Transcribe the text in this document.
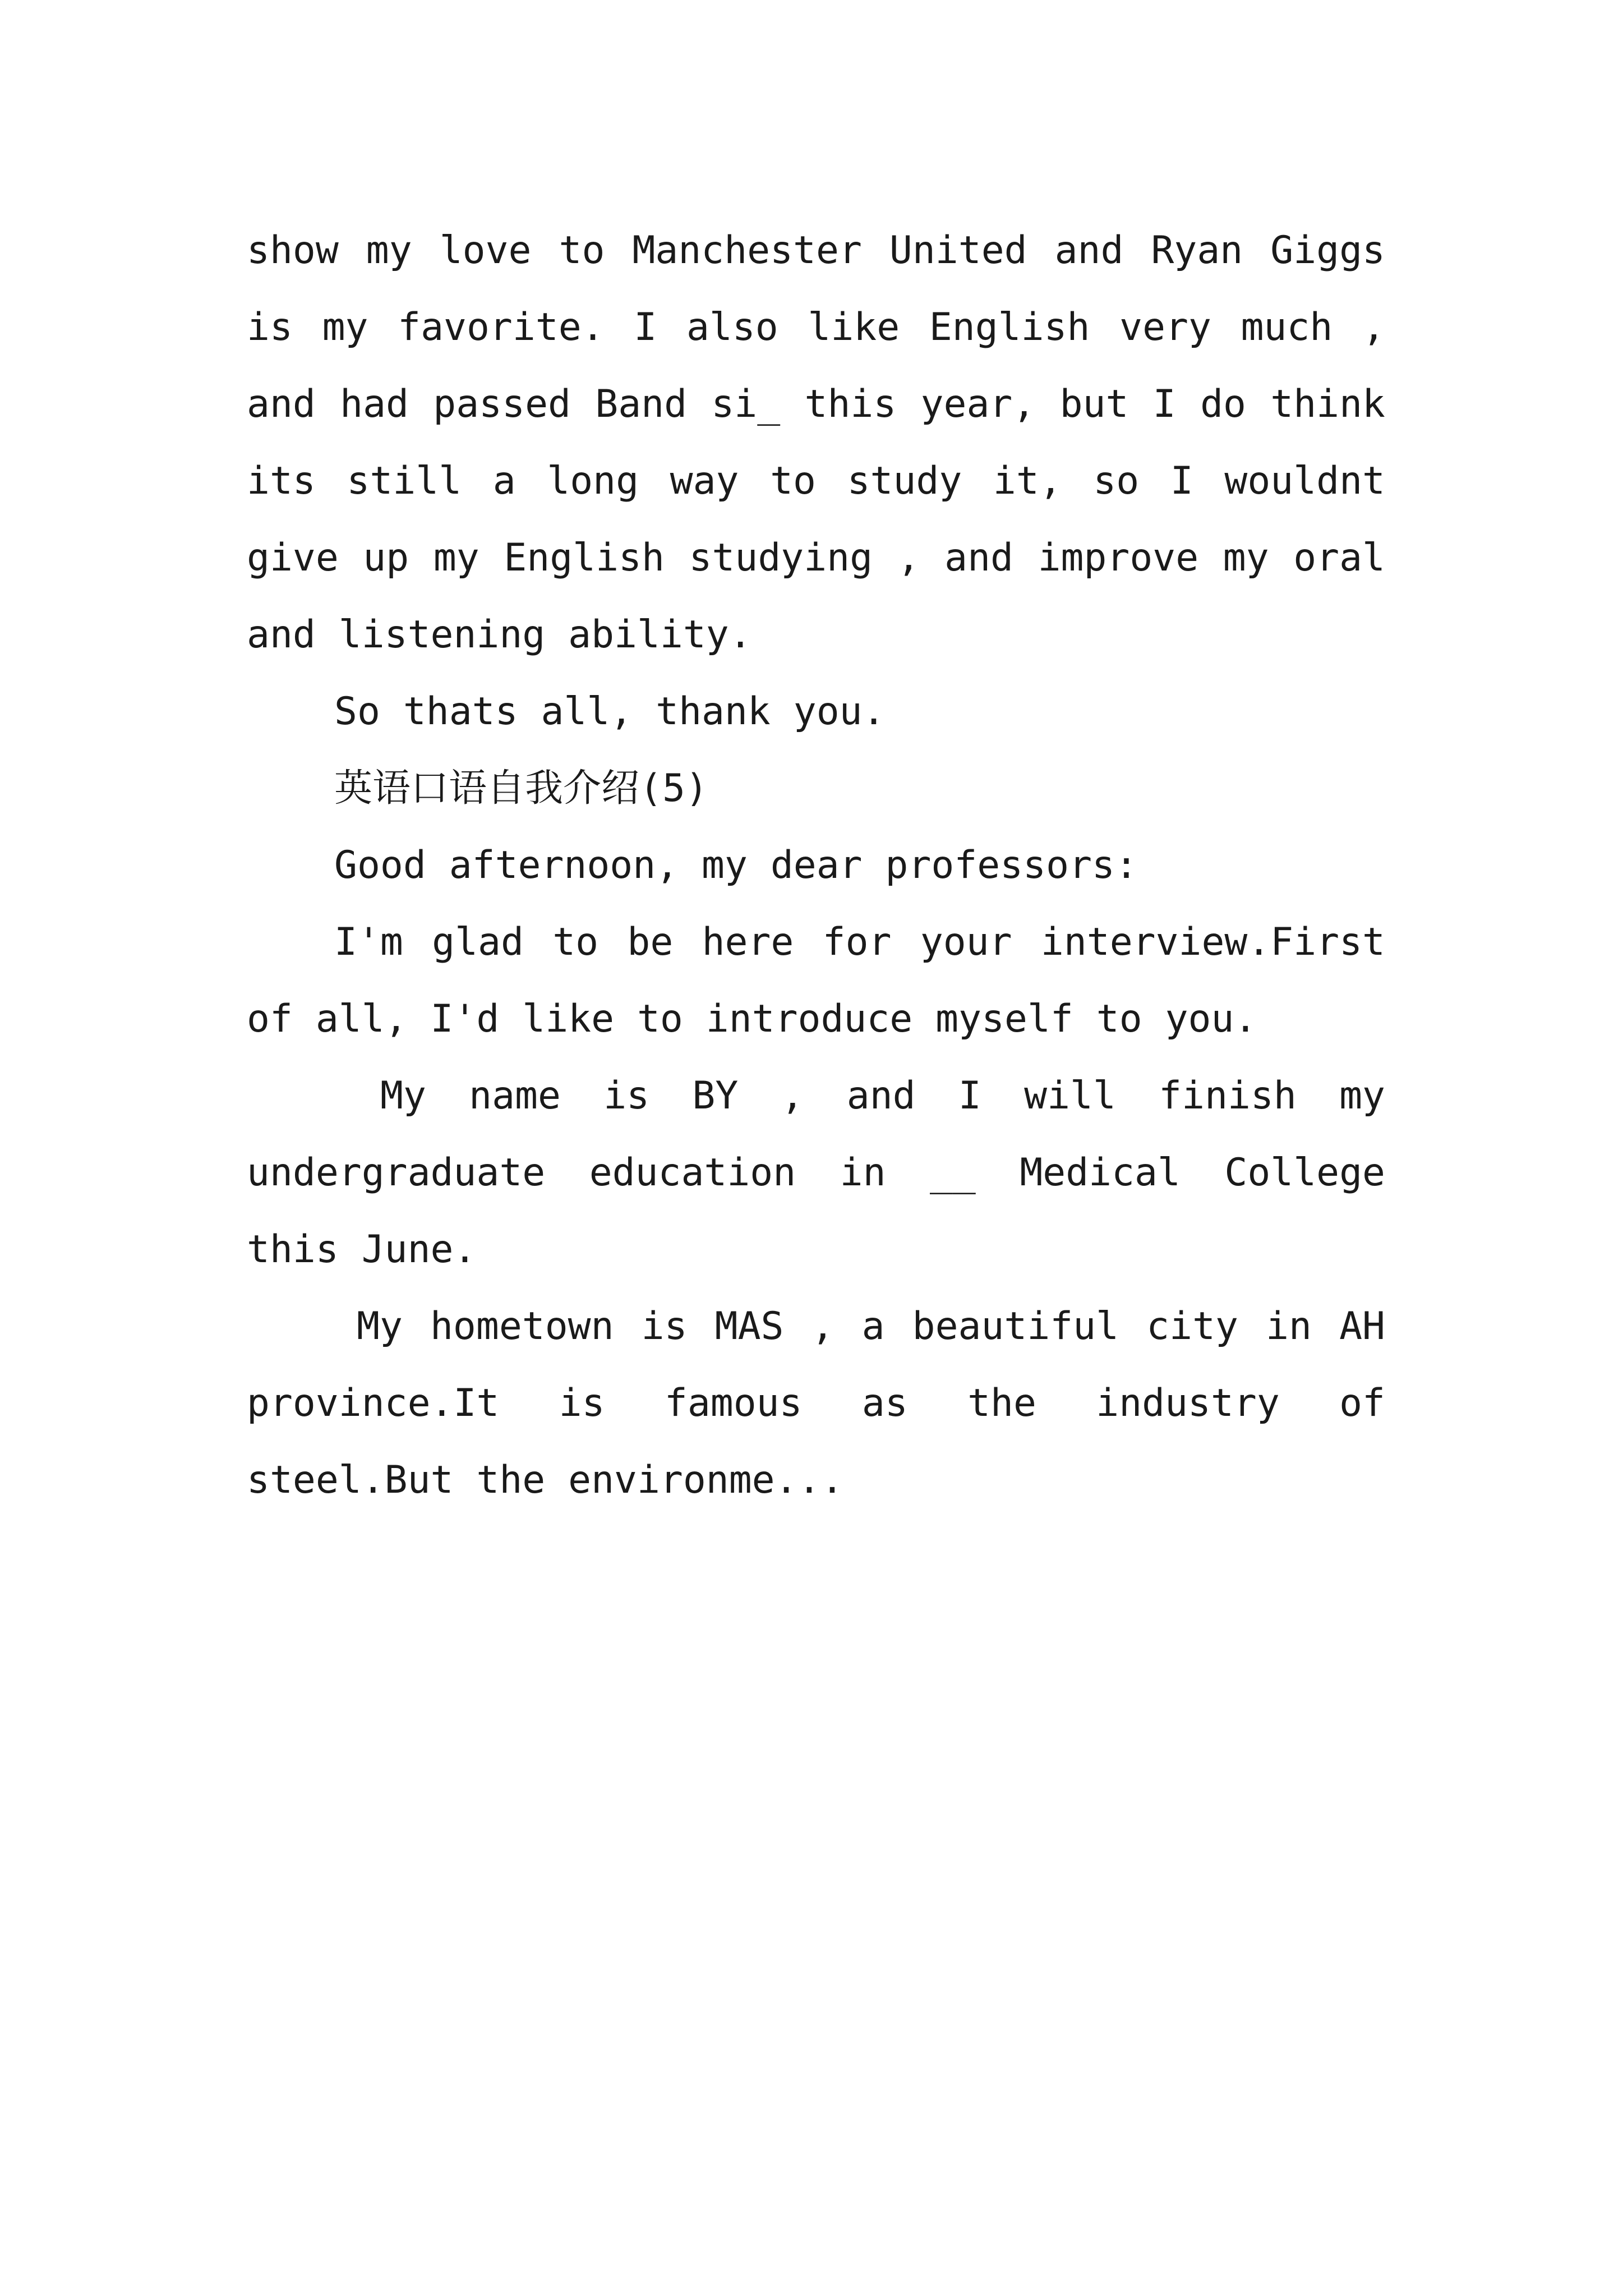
show my love to Manchester United and Ryan Giggs is my favorite. I also like English very much , and had passed Band si_ this year, but I do think its still a long way to study it, so I wouldnt give up my English studying , and improve my oral and listening ability.

So thats all, thank you.

英语口语自我介绍(5)

Good afternoon, my dear professors:

I'm glad to be here for your interview.First of all, I'd like to introduce myself to you.

My name is BY , and I will finish my undergraduate education in __ Medical College this June.

My hometown is MAS , a beautiful city in AH province.It is famous as the industry of steel.But the environme...
